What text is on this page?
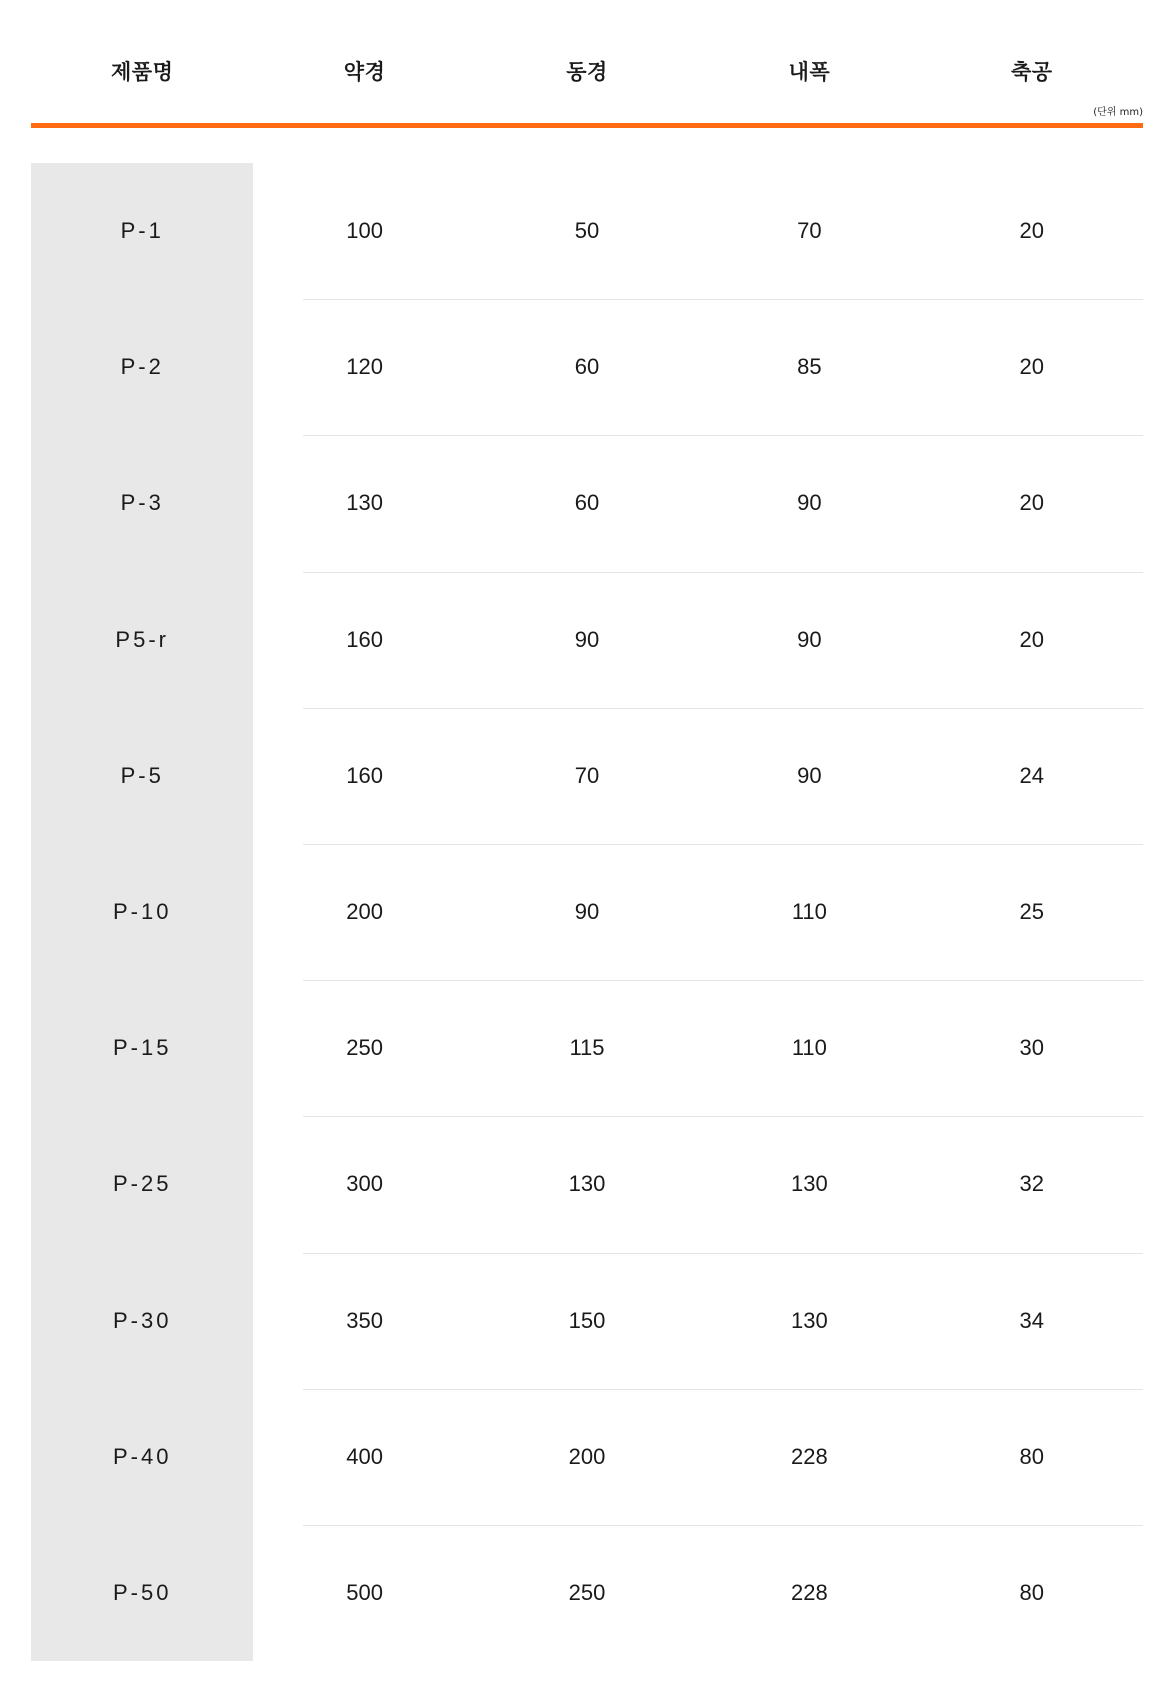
제품명	약경	동경	내폭	축공
(단위 mm)
P-1	100	50	70	20
P-2	120	60	85	20
P-3	130	60	90	20
P5-r	160	90	90	20
P-5	160	70	90	24
P-10	200	90	110	25
P-15	250	115	110	30
P-25	300	130	130	32
P-30	350	150	130	34
P-40	400	200	228	80
P-50	500	250	228	80
